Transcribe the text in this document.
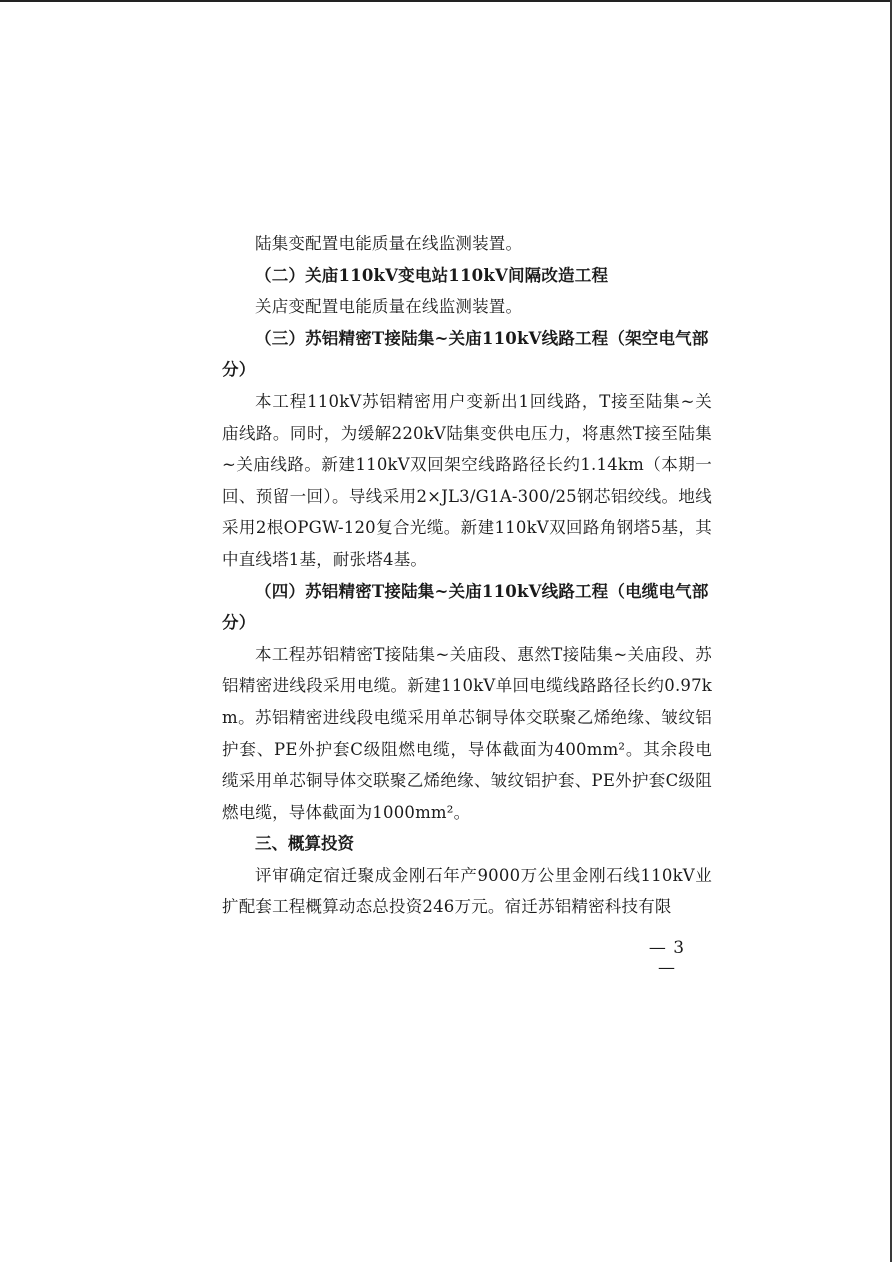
陆集变配置电能质量在线监测装置。

（二）关庙110kV变电站110kV间隔改造工程

关店变配置电能质量在线监测装置。

（三）苏铝精密T接陆集~关庙110kV线路工程（架空电气部分）

本工程110kV苏铝精密用户变新出1回线路，T接至陆集~关庙线路。同时，为缓解220kV陆集变供电压力，将惠然T接至陆集~关庙线路。新建110kV双回架空线路路径长约1.14km（本期一回、预留一回）。导线采用2×JL3/G1A-300/25钢芯铝绞线。地线采用2根OPGW-120复合光缆。新建110kV双回路角钢塔5基，其中直线塔1基，耐张塔4基。

（四）苏铝精密T接陆集~关庙110kV线路工程（电缆电气部分）

本工程苏铝精密T接陆集~关庙段、惠然T接陆集~关庙段、苏铝精密进线段采用电缆。新建110kV单回电缆线路路径长约0.97km。苏铝精密进线段电缆采用单芯铜导体交联聚乙烯绝缘、皱纹铝护套、PE外护套C级阻燃电缆，导体截面为400mm²。其余段电缆采用单芯铜导体交联聚乙烯绝缘、皱纹铝护套、PE外护套C级阻燃电缆，导体截面为1000mm²。

三、概算投资

评审确定宿迁聚成金刚石年产9000万公里金刚石线110kV业扩配套工程概算动态总投资246万元。宿迁苏铝精密科技有限

— 3 —
